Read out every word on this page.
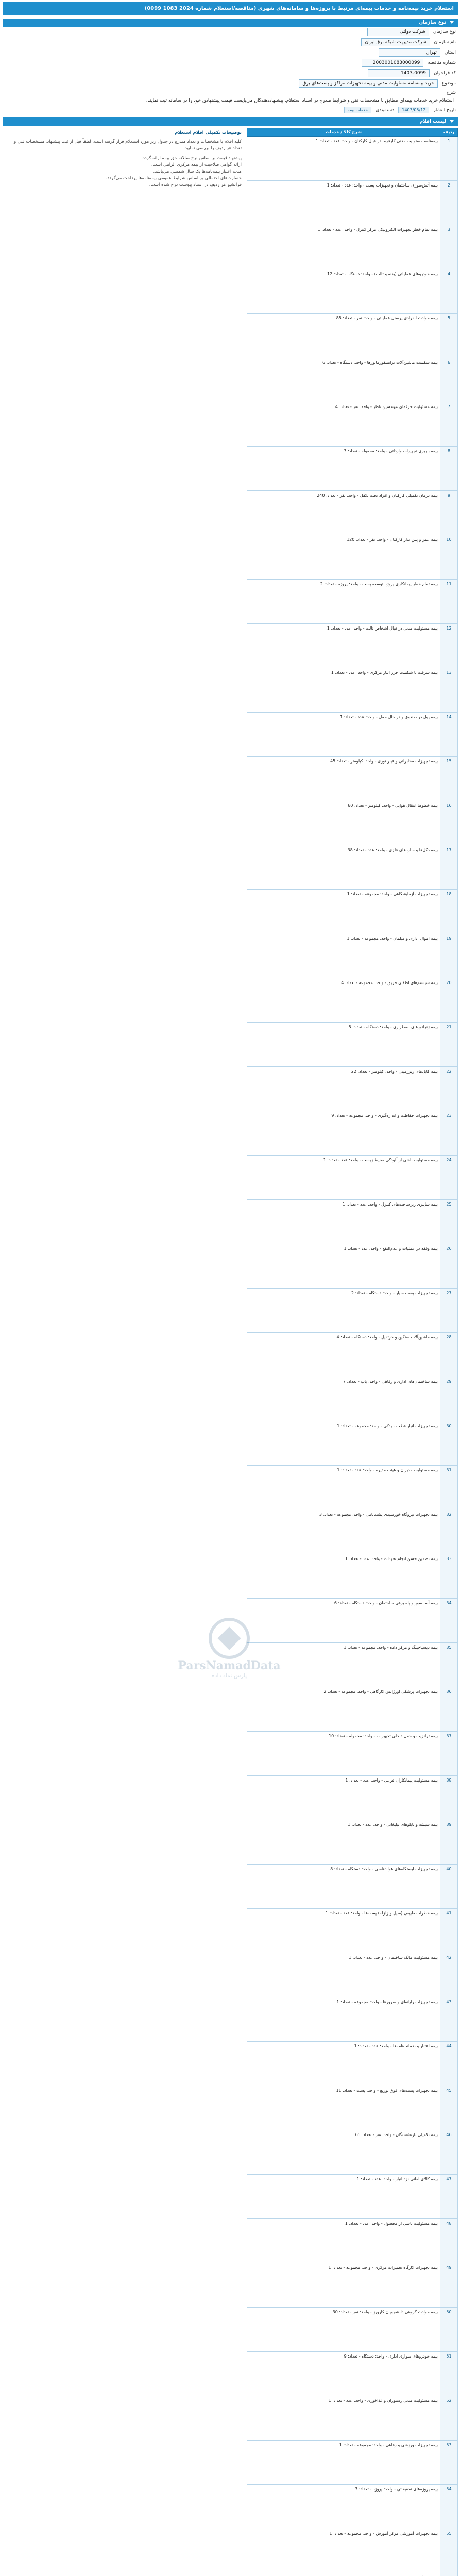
استعلام خرید بیمه‌نامه و خدمات بیمه‌ای مرتبط با پروژه‌ها و سامانه‌های شهری (مناقصه/استعلام شماره 2024 1083 0099)
نوع سازمان
نوع سازمان
شرکت دولتی
نام سازمان
شرکت مدیریت شبکه برق ایران
استان
تهران
شماره مناقصه
2003001083000099
کد فراخوان
1403-0099
موضوع
خرید بیمه‌نامه مسئولیت مدنی و بیمه تجهیزات مراکز و پست‌های برق
شرح
استعلام خرید خدمات بیمه‌ای مطابق با مشخصات فنی و شرایط مندرج در اسناد استعلام. پیشنهاددهندگان می‌بایست قیمت پیشنهادی خود را در سامانه ثبت نمایند.
تاریخ انتشار
1403/05/12
دسته‌بندی
خدمات بیمه
لیست اقلام
ردیف	شرح کالا / خدمات
1	بیمه‌نامه مسئولیت مدنی کارفرما در قبال کارکنان - واحد: عدد - تعداد: 1
2	بیمه آتش‌سوزی ساختمان و تجهیزات پست - واحد: عدد - تعداد: 1
3	بیمه تمام خطر تجهیزات الکترونیکی مرکز کنترل - واحد: عدد - تعداد: 1
4	بیمه خودروهای عملیاتی (بدنه و ثالث) - واحد: دستگاه - تعداد: 12
5	بیمه حوادث انفرادی پرسنل عملیاتی - واحد: نفر - تعداد: 85
6	بیمه شکست ماشین‌آلات ترانسفورماتورها - واحد: دستگاه - تعداد: 6
7	بیمه مسئولیت حرفه‌ای مهندسین ناظر - واحد: نفر - تعداد: 14
8	بیمه باربری تجهیزات وارداتی - واحد: محموله - تعداد: 3
9	بیمه درمان تکمیلی کارکنان و افراد تحت تکفل - واحد: نفر - تعداد: 240
10	بیمه عمر و پس‌انداز کارکنان - واحد: نفر - تعداد: 120
11	بیمه تمام خطر پیمانکاری پروژه توسعه پست - واحد: پروژه - تعداد: 2
12	بیمه مسئولیت مدنی در قبال اشخاص ثالث - واحد: عدد - تعداد: 1
13	بیمه سرقت با شکست حرز انبار مرکزی - واحد: عدد - تعداد: 1
14	بیمه پول در صندوق و در حال حمل - واحد: عدد - تعداد: 1
15	بیمه تجهیزات مخابراتی و فیبر نوری - واحد: کیلومتر - تعداد: 45
16	بیمه خطوط انتقال هوایی - واحد: کیلومتر - تعداد: 60
17	بیمه دکل‌ها و سازه‌های فلزی - واحد: عدد - تعداد: 38
18	بیمه تجهیزات آزمایشگاهی - واحد: مجموعه - تعداد: 1
19	بیمه اموال اداری و مبلمان - واحد: مجموعه - تعداد: 1
20	بیمه سیستم‌های اطفای حریق - واحد: مجموعه - تعداد: 4
21	بیمه ژنراتورهای اضطراری - واحد: دستگاه - تعداد: 5
22	بیمه کابل‌های زیرزمینی - واحد: کیلومتر - تعداد: 22
23	بیمه تجهیزات حفاظت و اندازه‌گیری - واحد: مجموعه - تعداد: 9
24	بیمه مسئولیت ناشی از آلودگی محیط زیست - واحد: عدد - تعداد: 1
25	بیمه سایبری زیرساخت‌های کنترل - واحد: عدد - تعداد: 1
26	بیمه وقفه در عملیات و عدم‌النفع - واحد: عدد - تعداد: 1
27	بیمه تجهیزات پست سیار - واحد: دستگاه - تعداد: 2
28	بیمه ماشین‌آلات سنگین و جرثقیل - واحد: دستگاه - تعداد: 4
29	بیمه ساختمان‌های اداری و رفاهی - واحد: باب - تعداد: 7
30	بیمه تجهیزات انبار قطعات یدکی - واحد: مجموعه - تعداد: 1
31	بیمه مسئولیت مدیران و هیئت مدیره - واحد: عدد - تعداد: 1
32	بیمه تجهیزات نیروگاه خورشیدی پشت‌بامی - واحد: مجموعه - تعداد: 3
33	بیمه تضمین حسن انجام تعهدات - واحد: عدد - تعداد: 1
34	بیمه آسانسور و پله برقی ساختمان - واحد: دستگاه - تعداد: 6
35	بیمه دیسپاچینگ و مرکز داده - واحد: مجموعه - تعداد: 1
36	بیمه تجهیزات پزشکی اورژانس کارگاهی - واحد: مجموعه - تعداد: 2
37	بیمه ترانزیت و حمل داخلی تجهیزات - واحد: محموله - تعداد: 10
38	بیمه مسئولیت پیمانکاران فرعی - واحد: عدد - تعداد: 1
39	بیمه شیشه و تابلوهای تبلیغاتی - واحد: عدد - تعداد: 1
40	بیمه تجهیزات ایستگاه‌های هواشناسی - واحد: دستگاه - تعداد: 8
41	بیمه خطرات طبیعی (سیل و زلزله) پست‌ها - واحد: عدد - تعداد: 1
42	بیمه مسئولیت مالک ساختمان - واحد: عدد - تعداد: 1
43	بیمه تجهیزات رایانه‌ای و سرورها - واحد: مجموعه - تعداد: 1
44	بیمه اعتبار و ضمانت‌نامه‌ها - واحد: عدد - تعداد: 1
45	بیمه تجهیزات پست‌های فوق توزیع - واحد: پست - تعداد: 11
46	بیمه تکمیلی بازنشستگان - واحد: نفر - تعداد: 65
47	بیمه کالای امانی نزد انبار - واحد: عدد - تعداد: 1
48	بیمه مسئولیت ناشی از محصول - واحد: عدد - تعداد: 1
49	بیمه تجهیزات کارگاه تعمیرات مرکزی - واحد: مجموعه - تعداد: 1
50	بیمه حوادث گروهی دانشجویان کارورز - واحد: نفر - تعداد: 30
51	بیمه خودروهای سواری اداری - واحد: دستگاه - تعداد: 9
52	بیمه مسئولیت مدنی رستوران و غذاخوری - واحد: عدد - تعداد: 1
53	بیمه تجهیزات ورزشی و رفاهی - واحد: مجموعه - تعداد: 1
54	بیمه پروژه‌های تحقیقاتی - واحد: پروژه - تعداد: 3
55	بیمه تجهیزات آموزشی مرکز آموزش - واحد: مجموعه - تعداد: 1

توضیحات تکمیلی اقلام استعلام
کلیه اقلام با مشخصات و تعداد مندرج در جدول زیر مورد استعلام قرار گرفته است. لطفاً قبل از ثبت پیشنهاد، مشخصات فنی و تعداد هر ردیف را بررسی نمایید.
پیشنهاد قیمت بر اساس نرخ سالانه حق بیمه ارائه گردد.
ارائه گواهی صلاحیت از بیمه مرکزی الزامی است.
مدت اعتبار بیمه‌نامه‌ها یک سال شمسی می‌باشد.
خسارت‌های احتمالی بر اساس شرایط عمومی بیمه‌نامه‌ها پرداخت می‌گردد.
فرانشیز هر ردیف در اسناد پیوست درج شده است.
ParsNamadData
پارس نماد داده
